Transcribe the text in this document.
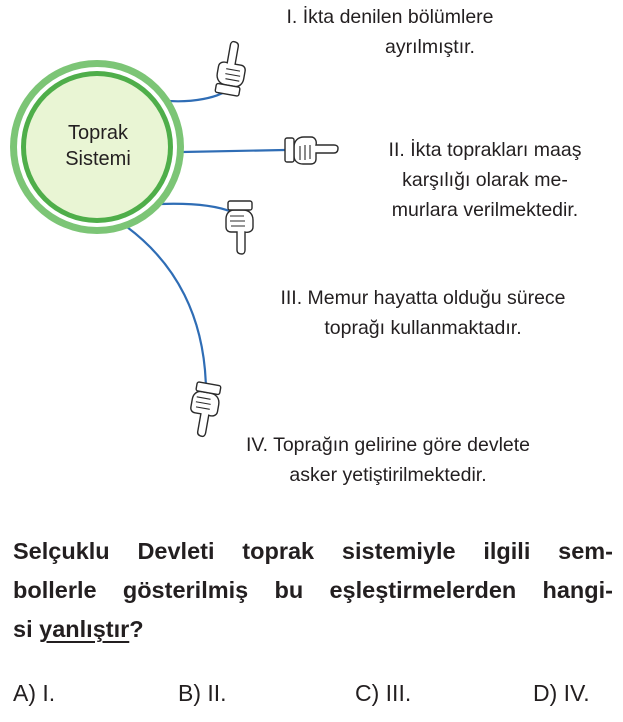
Toprak
Sistemi
I. İkta denilen bölümlere
ayrılmıştır.
II. İkta toprakları maaş
karşılığı olarak me-
murlara verilmektedir.
III. Memur hayatta olduğu sürece
toprağı kullanmaktadır.
IV. Toprağın gelirine göre devlete
asker yetiştirilmektedir.
Selçuklu Devleti toprak sistemiyle ilgili sem-
bollerle gösterilmiş bu eşleştirmelerden hangi-
si yanlıştır?
A) I.	B) II.	C) III.	D) IV.
